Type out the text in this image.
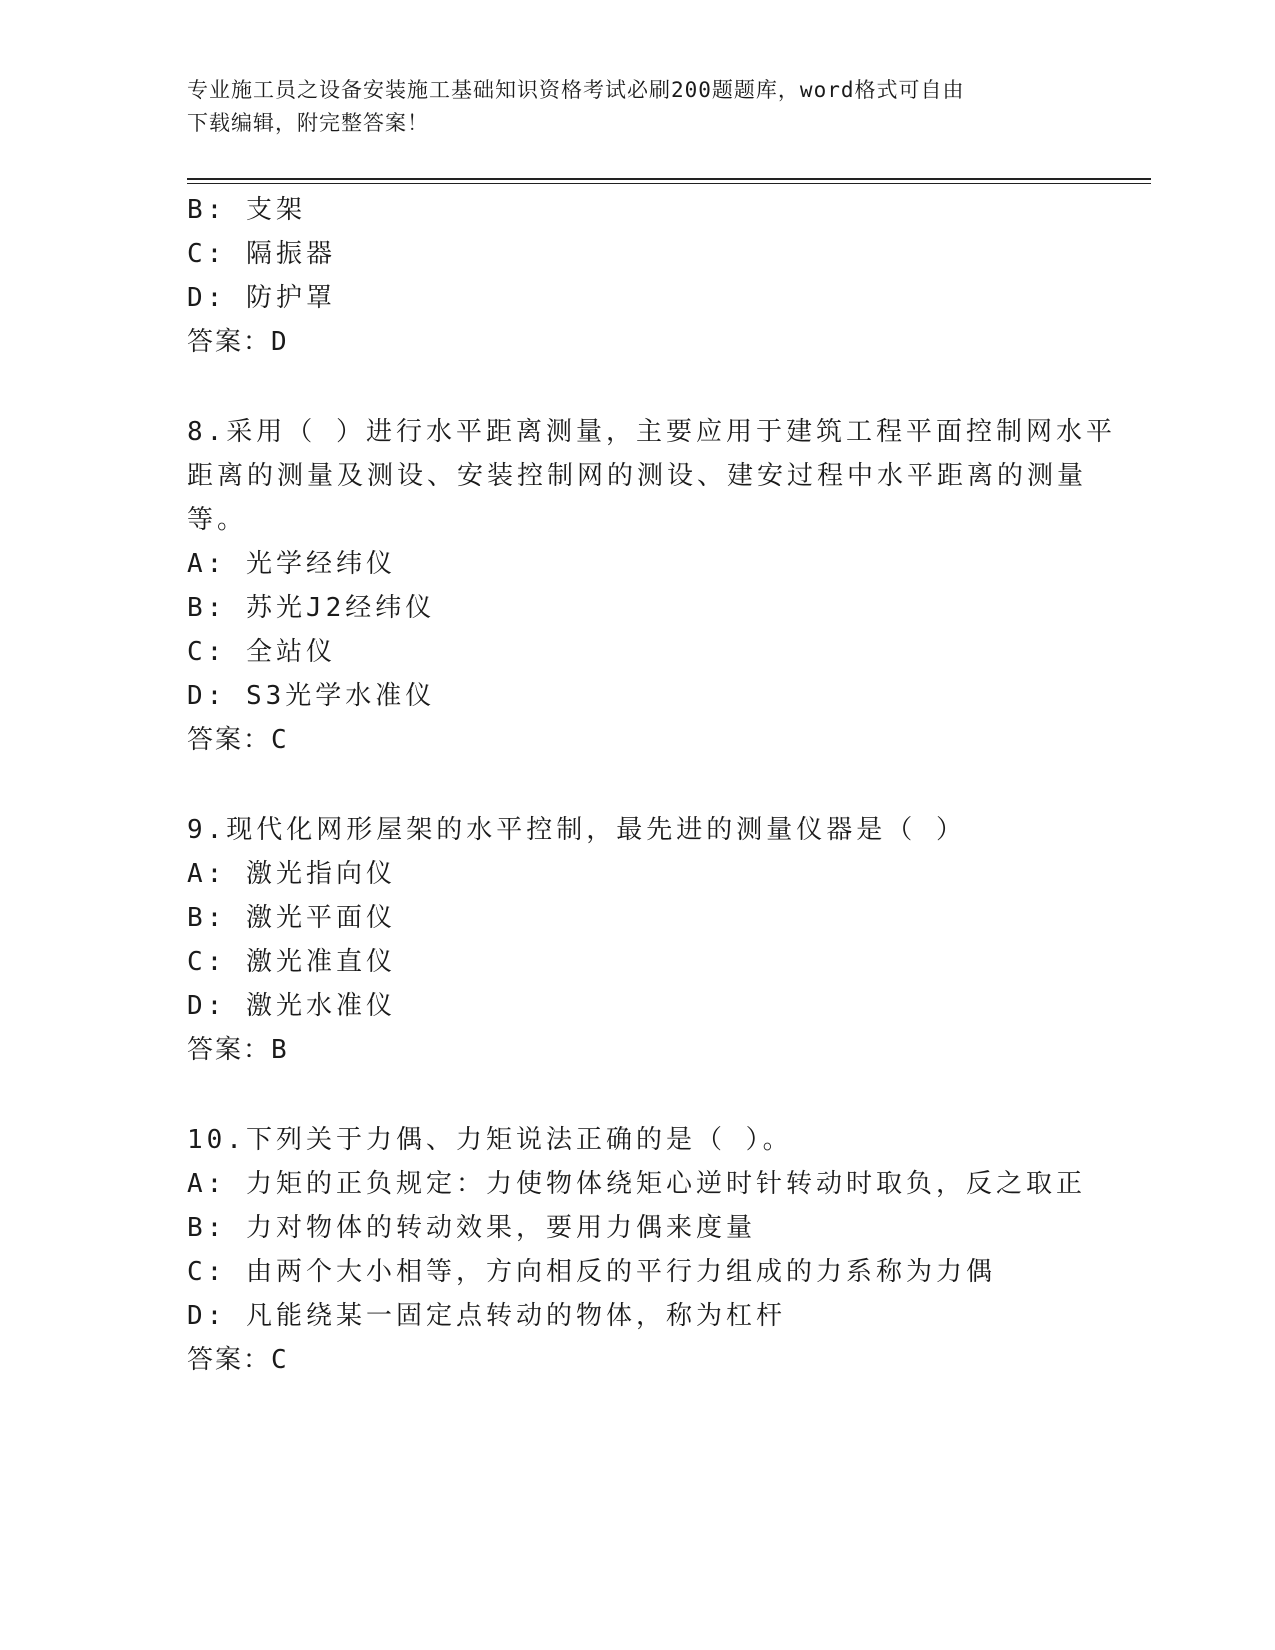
专业施工员之设备安装施工基础知识资格考试必刷200题题库，word格式可自由
下载编辑，附完整答案！
B: 支架
C: 隔振器
D: 防护罩
答案：D
8.采用（ ）进行水平距离测量，主要应用于建筑工程平面控制网水平
距离的测量及测设、安装控制网的测设、建安过程中水平距离的测量
等。
A: 光学经纬仪
B: 苏光J2经纬仪
C: 全站仪
D: S3光学水准仪
答案：C
9.现代化网形屋架的水平控制，最先进的测量仪器是（ ）
A: 激光指向仪
B: 激光平面仪
C: 激光准直仪
D: 激光水准仪
答案：B
10.下列关于力偶、力矩说法正确的是（ ）。
A: 力矩的正负规定：力使物体绕矩心逆时针转动时取负，反之取正
B: 力对物体的转动效果，要用力偶来度量
C: 由两个大小相等，方向相反的平行力组成的力系称为力偶
D: 凡能绕某一固定点转动的物体，称为杠杆
答案：C
